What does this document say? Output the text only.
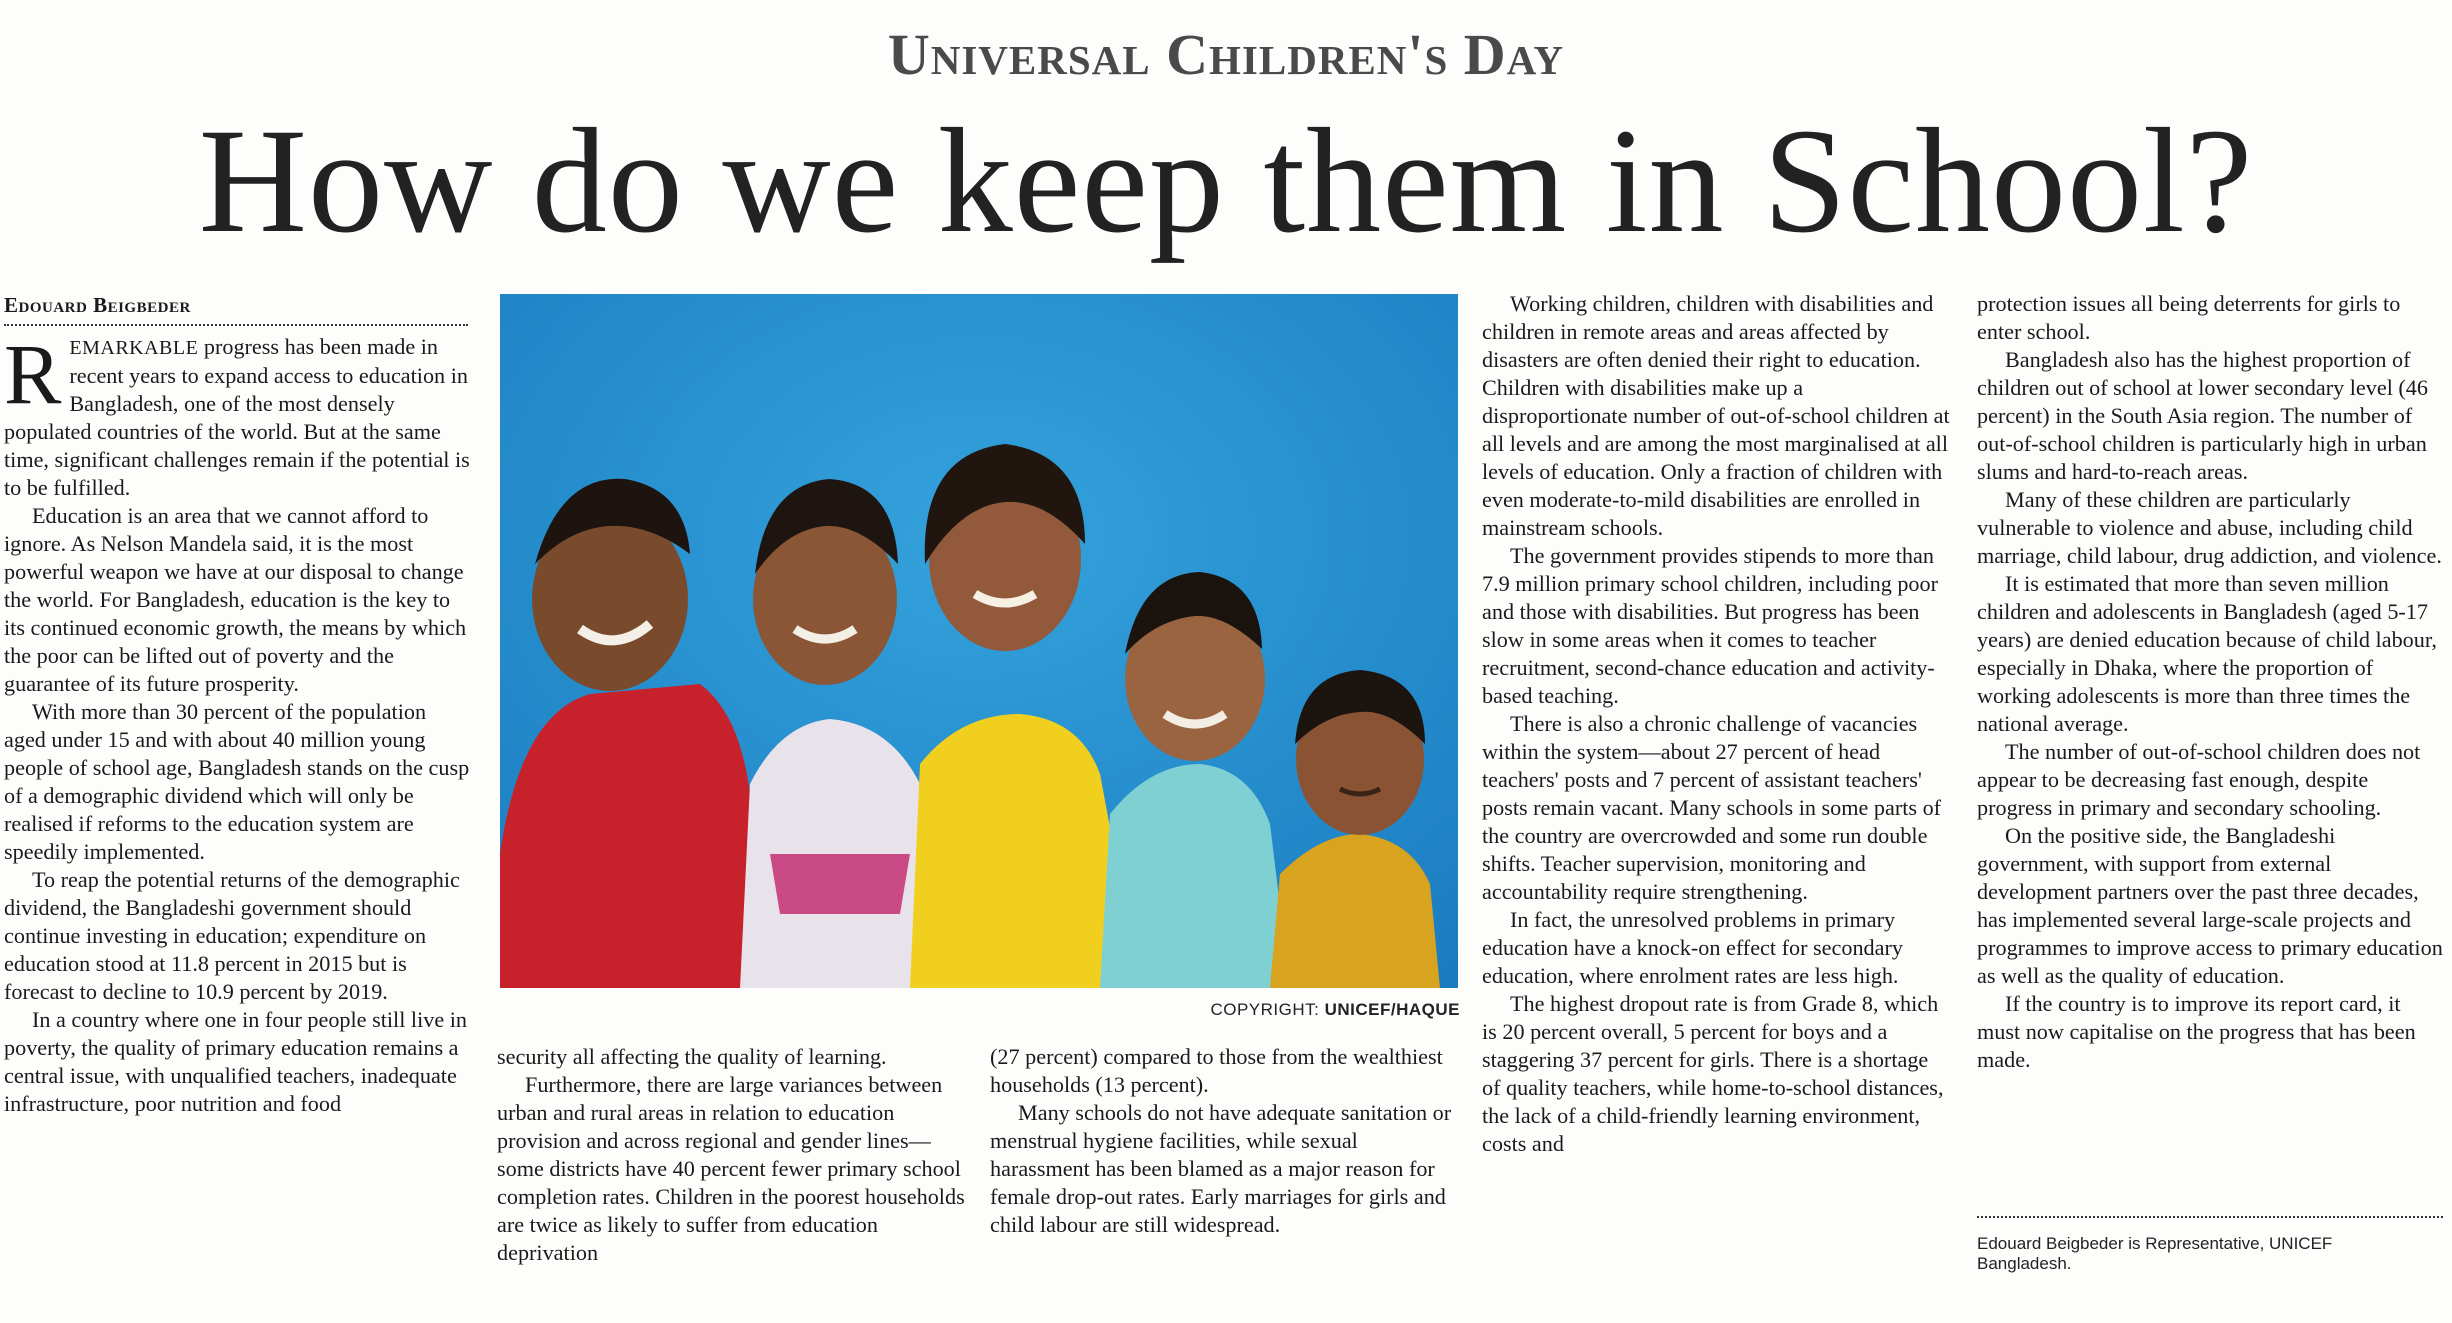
Universal Children's Day
How do we keep them in School?
Edouard Beigbeder

REMARKABLE progress has been made in recent years to expand access to education in Bangladesh, one of the most densely populated countries of the world. But at the same time, significant challenges remain if the potential is to be fulfilled.

Education is an area that we cannot afford to ignore. As Nelson Mandela said, it is the most powerful weapon we have at our disposal to change the world. For Bangladesh, education is the key to its continued economic growth, the means by which the poor can be lifted out of poverty and the guarantee of its future prosperity.

With more than 30 percent of the population aged under 15 and with about 40 million young people of school age, Bangladesh stands on the cusp of a demographic dividend which will only be realised if reforms to the education system are speedily implemented.

To reap the potential returns of the demographic dividend, the Bangladeshi government should continue investing in education; expenditure on education stood at 11.8 percent in 2015 but is forecast to decline to 10.9 percent by 2019.

In a country where one in four people still live in poverty, the quality of primary education remains a central issue, with unqualified teachers, inadequate infrastructure, poor nutrition and food

COPYRIGHT: UNICEF/HAQUE

security all affecting the quality of learning.

Furthermore, there are large variances between urban and rural areas in relation to education provision and across regional and gender lines—some districts have 40 percent fewer primary school completion rates. Children in the poorest households are twice as likely to suffer from education deprivation

(27 percent) compared to those from the wealthiest households (13 percent).

Many schools do not have adequate sanitation or menstrual hygiene facilities, while sexual harassment has been blamed as a major reason for female drop-out rates. Early marriages for girls and child labour are still widespread.

Working children, children with disabilities and children in remote areas and areas affected by disasters are often denied their right to education. Children with disabilities make up a disproportionate number of out-of-school children at all levels and are among the most marginalised at all levels of education. Only a fraction of children with even moderate-to-mild disabilities are enrolled in mainstream schools.

The government provides stipends to more than 7.9 million primary school children, including poor and those with disabilities. But progress has been slow in some areas when it comes to teacher recruitment, second-chance education and activity-based teaching.

There is also a chronic challenge of vacancies within the system—about 27 percent of head teachers' posts and 7 percent of assistant teachers' posts remain vacant. Many schools in some parts of the country are overcrowded and some run double shifts. Teacher supervision, monitoring and accountability require strengthening.

In fact, the unresolved problems in primary education have a knock-on effect for secondary education, where enrolment rates are less high.

The highest dropout rate is from Grade 8, which is 20 percent overall, 5 percent for boys and a staggering 37 percent for girls. There is a shortage of quality teachers, while home-to-school distances, the lack of a child-friendly learning environment, costs and

protection issues all being deterrents for girls to enter school.

Bangladesh also has the highest proportion of children out of school at lower secondary level (46 percent) in the South Asia region. The number of out-of-school children is particularly high in urban slums and hard-to-reach areas.

Many of these children are particularly vulnerable to violence and abuse, including child marriage, child labour, drug addiction, and violence.

It is estimated that more than seven million children and adolescents in Bangladesh (aged 5-17 years) are denied education because of child labour, especially in Dhaka, where the proportion of working adolescents is more than three times the national average.

The number of out-of-school children does not appear to be decreasing fast enough, despite progress in primary and secondary schooling.

On the positive side, the Bangladeshi government, with support from external development partners over the past three decades, has implemented several large-scale projects and programmes to improve access to primary education as well as the quality of education.

If the country is to improve its report card, it must now capitalise on the progress that has been made.

Edouard Beigbeder is Representative, UNICEF Bangladesh.
